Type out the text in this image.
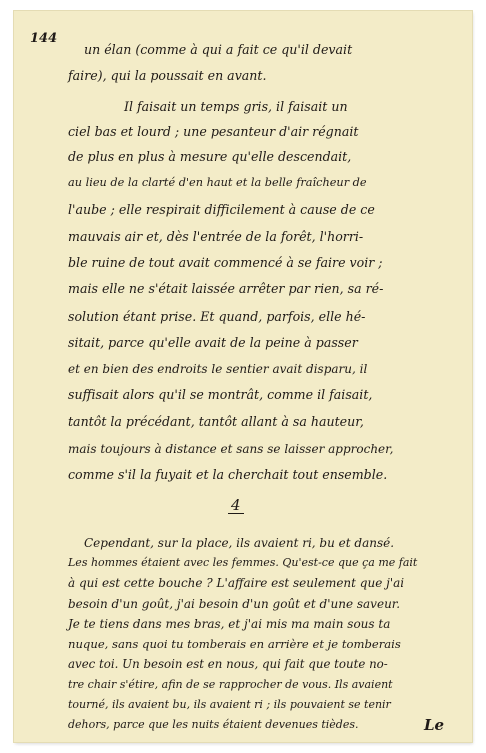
144
un élan (comme à qui a fait ce qu'il devait
faire), qui la poussait en avant.
Il faisait un temps gris, il faisait un
ciel bas et lourd ; une pesanteur d'air régnait
de plus en plus à mesure qu'elle descendait,
au lieu de la clarté d'en haut et la belle fraîcheur de
l'aube ; elle respirait difficilement à cause de ce
mauvais air et, dès l'entrée de la forêt, l'horri-
ble ruine de tout avait commencé à se faire voir ;
mais elle ne s'était laissée arrêter par rien, sa ré-
solution étant prise. Et quand, parfois, elle hé-
sitait, parce qu'elle avait de la peine à passer
et en bien des endroits le sentier avait disparu, il
suffisait alors qu'il se montrât, comme il faisait,
tantôt la précédant, tantôt allant à sa hauteur,
mais toujours à distance et sans se laisser approcher,
comme s'il la fuyait et la cherchait tout ensemble.
4
Cependant, sur la place, ils avaient ri, bu et dansé.
Les hommes étaient avec les femmes. Qu'est-ce que ça me fait
à qui est cette bouche ? L'affaire est seulement que j'ai
besoin d'un goût, j'ai besoin d'un goût et d'une saveur.
Je te tiens dans mes bras, et j'ai mis ma main sous ta
nuque, sans quoi tu tomberais en arrière et je tomberais
avec toi. Un besoin est en nous, qui fait que toute no-
tre chair s'étire, afin de se rapprocher de vous. Ils avaient
tourné, ils avaient bu, ils avaient ri ; ils pouvaient se tenir
dehors, parce que les nuits étaient devenues tièdes.	Le
